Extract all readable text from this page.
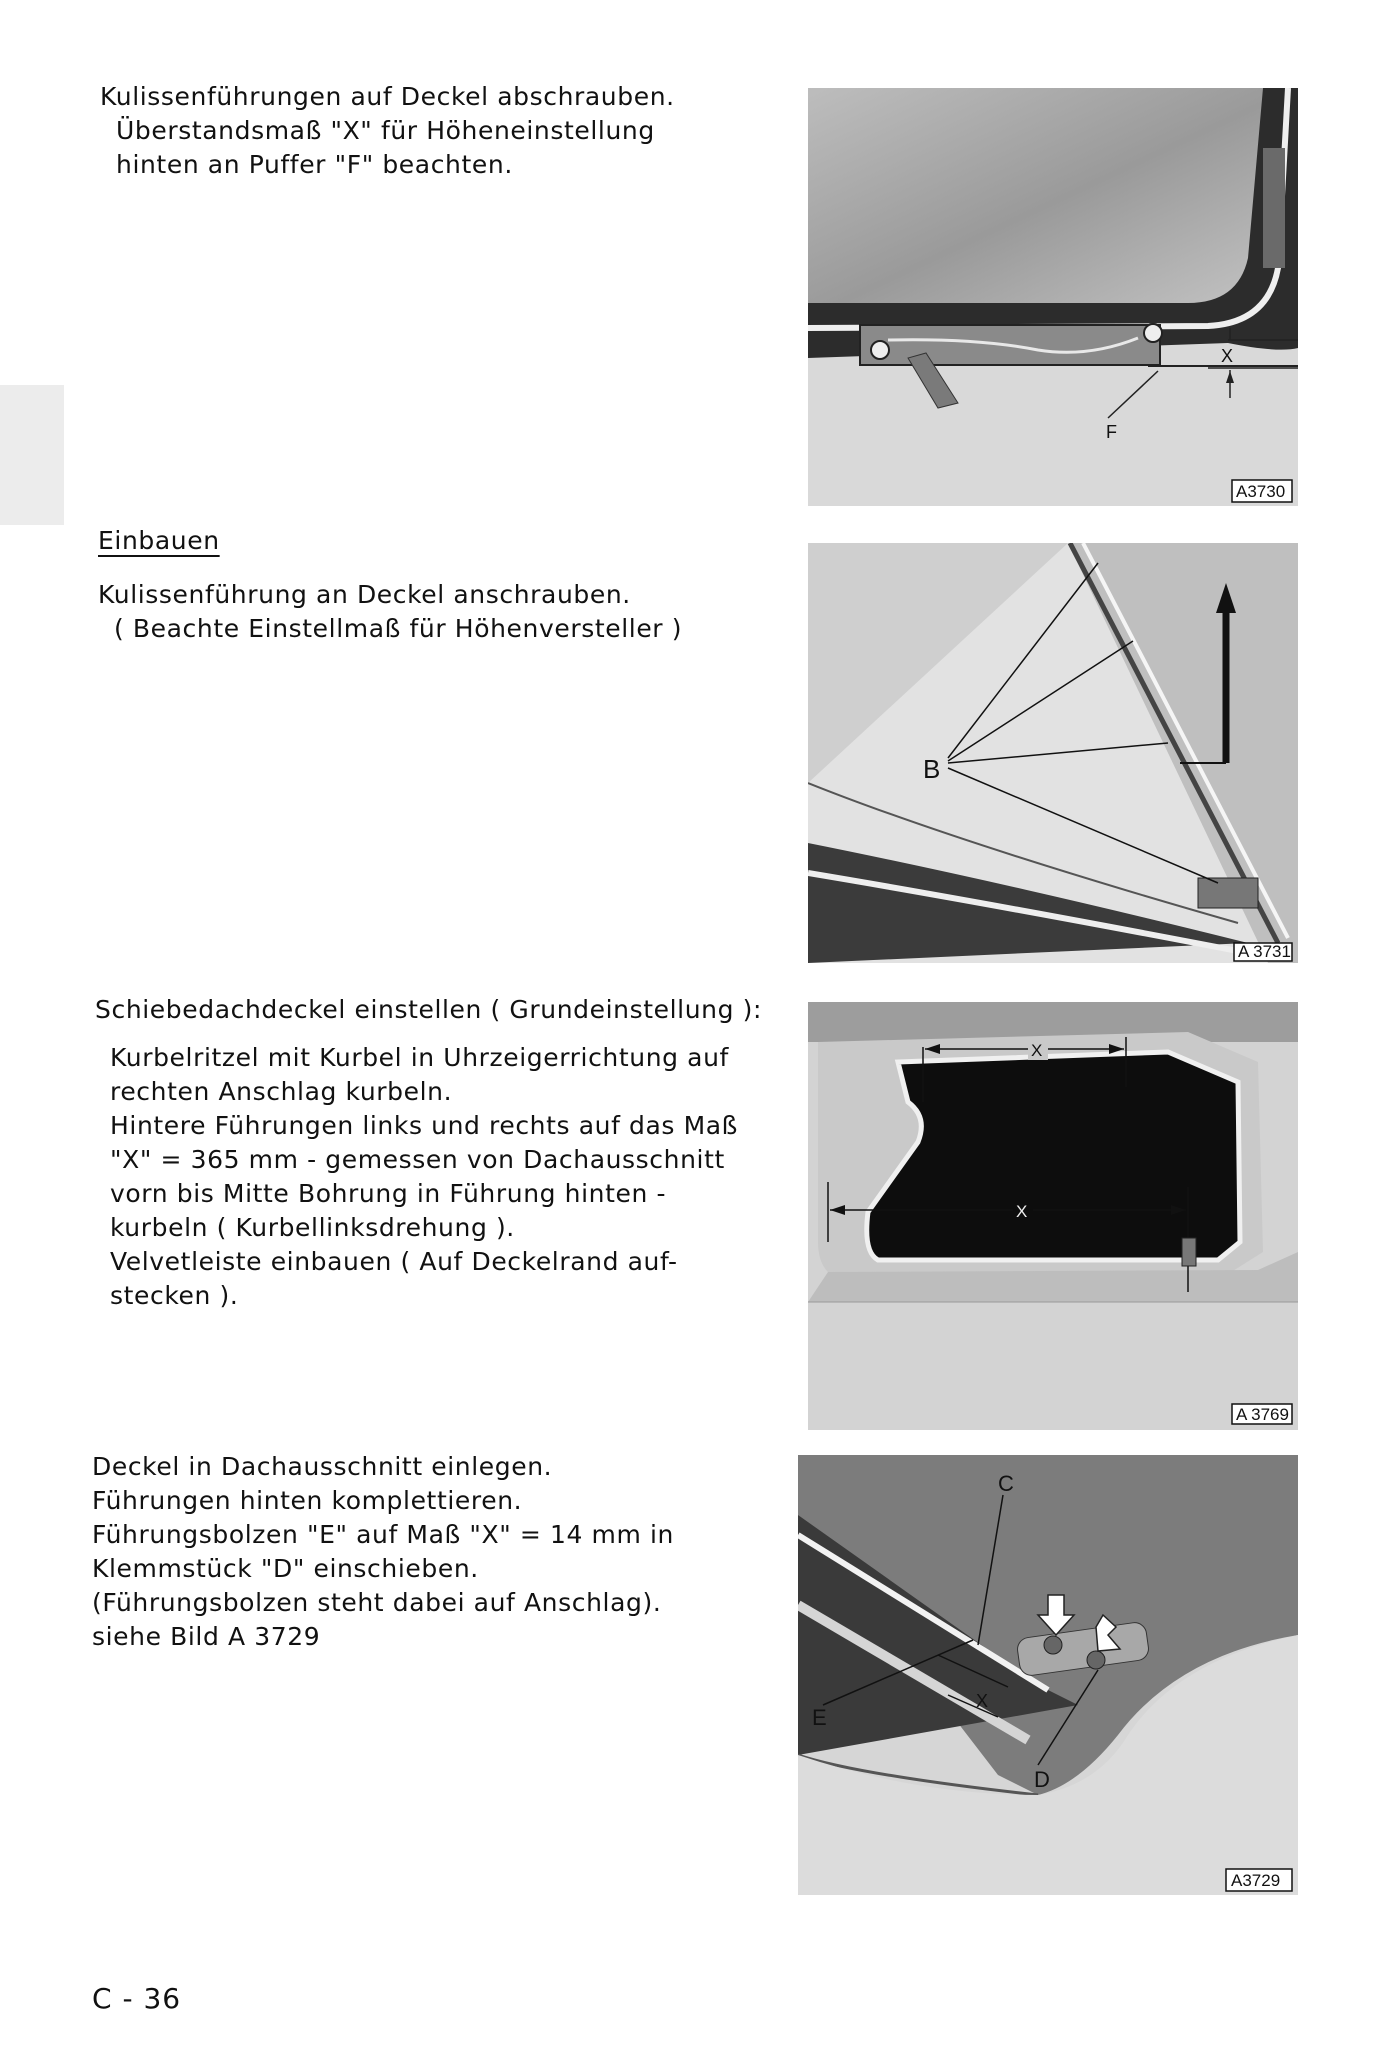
Kulissenführungen auf Deckel abschrauben.
Überstandsmaß "X" für Höheneinstellung
hinten an Puffer "F" beachten.
X
F
A3730
Einbauen
Kulissenführung an Deckel anschrauben.
( Beachte Einstellmaß für Höhenversteller )
B
A 3731
Schiebedachdeckel einstellen ( Grundeinstellung ):
Kurbelritzel mit Kurbel in Uhrzeigerrichtung auf
rechten Anschlag kurbeln.
Hintere Führungen links und rechts auf das Maß
"X" = 365 mm - gemessen von Dachausschnitt
vorn bis Mitte Bohrung in Führung hinten -
kurbeln ( Kurbellinksdrehung ).
Velvetleiste einbauen ( Auf Deckelrand auf-
stecken ).
X
X
A 3769
Deckel in Dachausschnitt einlegen.
Führungen hinten komplettieren.
Führungsbolzen "E" auf Maß "X" = 14 mm in
Klemmstück "D" einschieben.
(Führungsbolzen steht dabei auf Anschlag).
siehe Bild A 3729
C
E
X
D
A3729
C - 36
